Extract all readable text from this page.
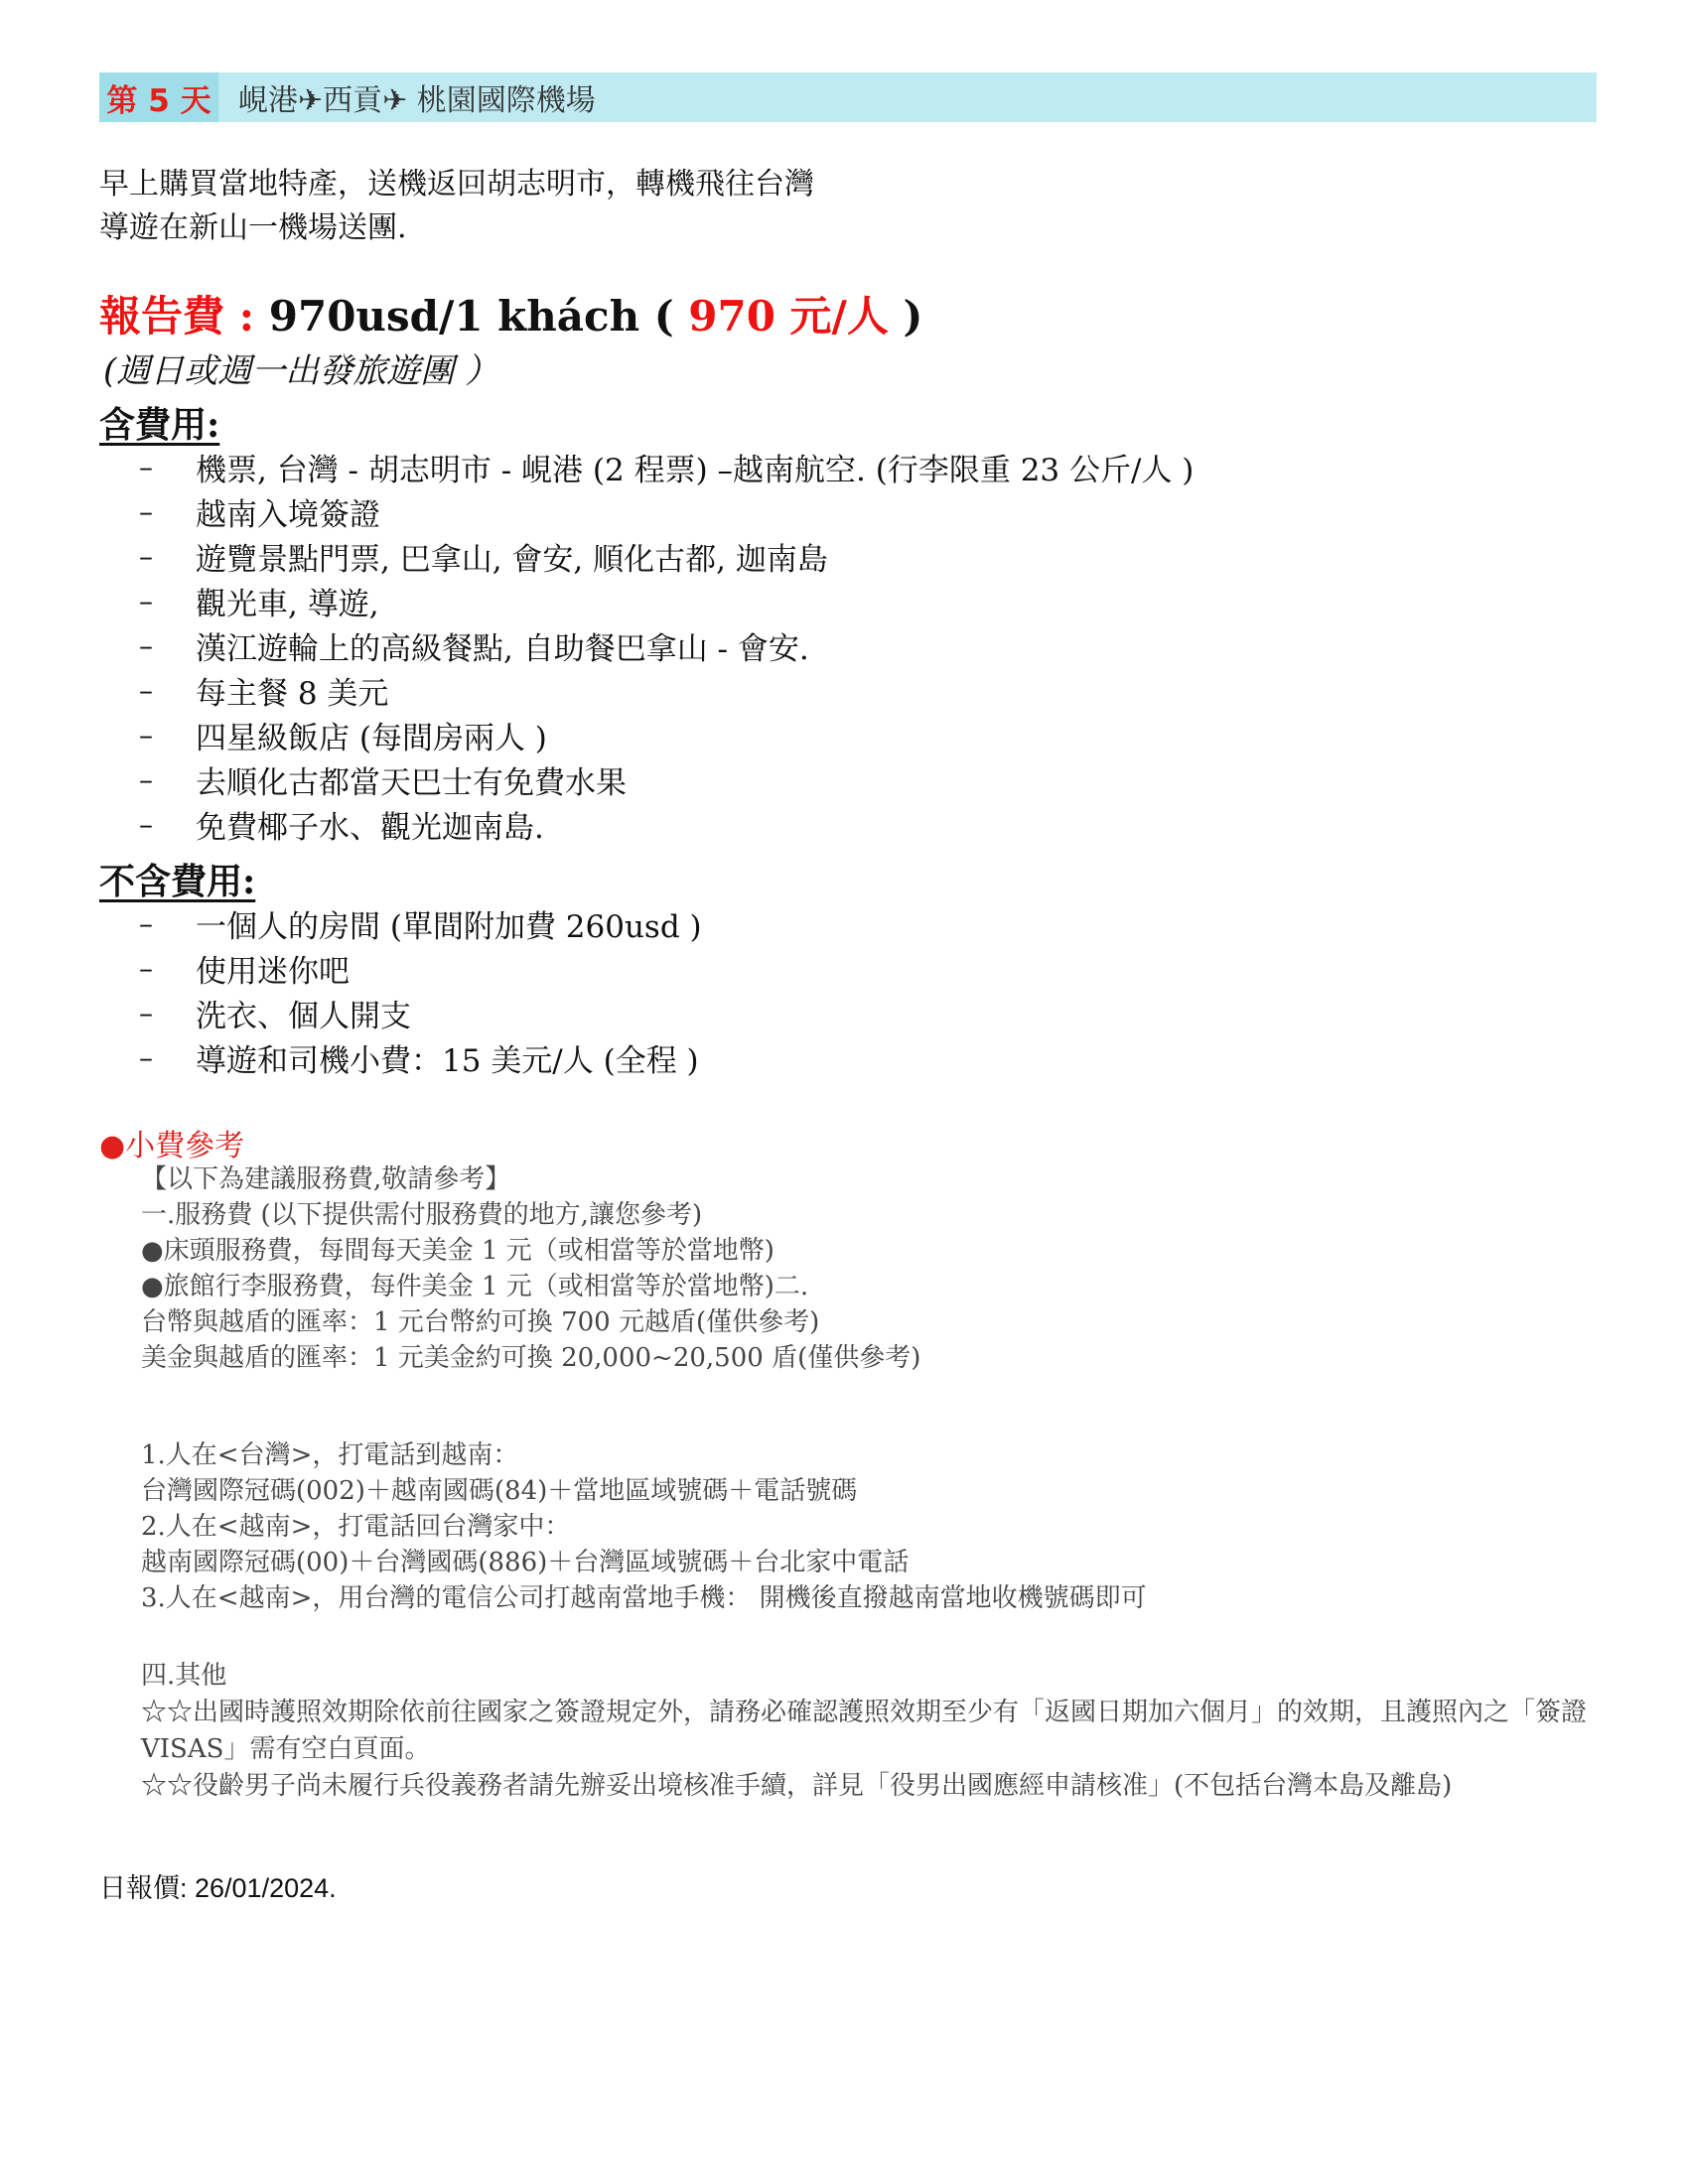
第 5 天 峴港✈西貢✈ 桃園國際機場
早上購買當地特產，送機返回胡志明市，轉機飛往台灣
導遊在新山一機場送團.
報告費 : 970usd/1 khách ( 970 元/人 )
(週日或週一出發旅遊團 ）
含費用:
–	機票, 台灣 - 胡志明市 - 峴港 (2 程票) –越南航空. (行李限重 23 公斤/人 )
–	越南入境簽證
–	遊覽景點門票, 巴拿山, 會安, 順化古都, 迦南島
–	觀光車, 導遊,
–	漢江遊輪上的高級餐點, 自助餐巴拿山 - 會安.
–	每主餐 8 美元
–	四星級飯店 (每間房兩人 )
–	去順化古都當天巴士有免費水果
–	免費椰子水、觀光迦南島.
不含費用:
–	一個人的房間 (單間附加費 260usd )
–	使用迷你吧
–	洗衣、個人開支
–	導遊和司機小費：15 美元/人 (全程 )
●小費參考

【以下為建議服務費,敬請參考】

一.服務費 (以下提供需付服務費的地方,讓您參考)

●床頭服務費，每間每天美金 1 元（或相當等於當地幣)

●旅館行李服務費，每件美金 1 元（或相當等於當地幣)二.

台幣與越盾的匯率：1 元台幣約可換 700 元越盾(僅供參考)

美金與越盾的匯率：1 元美金約可換 20,000~20,500 盾(僅供參考)

1.人在<台灣>，打電話到越南：

台灣國際冠碼(002)＋越南國碼(84)＋當地區域號碼＋電話號碼

2.人在<越南>，打電話回台灣家中：

越南國際冠碼(00)＋台灣國碼(886)＋台灣區域號碼＋台北家中電話

3.人在<越南>，用台灣的電信公司打越南當地手機： 開機後直撥越南當地收機號碼即可

四.其他

☆☆出國時護照效期除依前往國家之簽證規定外，請務必確認護照效期至少有「返國日期加六個月」的效期，且護照內之「簽證 VISAS」需有空白頁面。

☆☆役齡男子尚未履行兵役義務者請先辦妥出境核准手續，詳見「役男出國應經申請核准」(不包括台灣本島及離島)

日報價: 26/01/2024.
